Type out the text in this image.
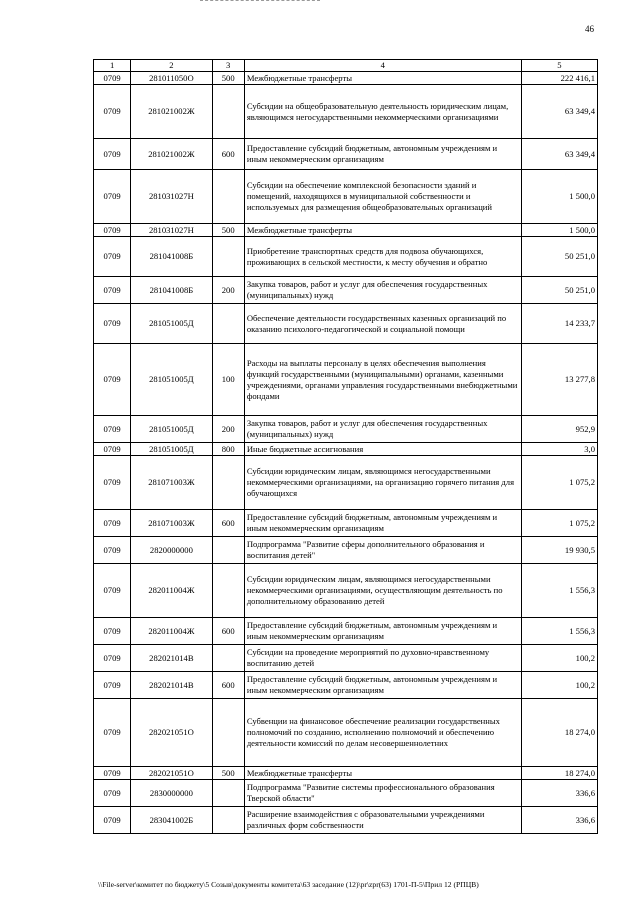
46
1	2	3	4	5
0709	281011050О	500	Межбюджетные трансферты	222 416,1
0709	281021002Ж		Субсидии на общеобразовательную деятельность юридическим лицам, являющимся негосударственными некоммерческими организациями	63 349,4
0709	281021002Ж	600	Предоставление субсидий бюджетным, автономным учреждениям и иным некоммерческим организациям	63 349,4
0709	281031027Н		Субсидии на обеспечение комплексной безопасности зданий и помещений, находящихся в муниципальной собственности и используемых для размещения общеобразовательных организаций	1 500,0
0709	281031027Н	500	Межбюджетные трансферты	1 500,0
0709	281041008Б		Приобретение транспортных средств для подвоза обучающихся, проживающих в сельской местности, к месту обучения и обратно	50 251,0
0709	281041008Б	200	Закупка товаров, работ и услуг для обеспечения государственных (муниципальных) нужд	50 251,0
0709	281051005Д		Обеспечение деятельности государственных казенных организаций по оказанию психолого-педагогической и социальной помощи	14 233,7
0709	281051005Д	100	Расходы на выплаты персоналу в целях обеспечения выполнения функций государственными (муниципальными) органами, казенными учреждениями, органами управления государственными внебюджетными фондами	13 277,8
0709	281051005Д	200	Закупка товаров, работ и услуг для обеспечения государственных (муниципальных) нужд	952,9
0709	281051005Д	800	Иные бюджетные ассигнования	3,0
0709	281071003Ж		Субсидии юридическим лицам, являющимся негосударственными некоммерческими организациями, на организацию горячего питания для обучающихся	1 075,2
0709	281071003Ж	600	Предоставление субсидий бюджетным, автономным учреждениям и иным некоммерческим организациям	1 075,2
0709	2820000000		Подпрограмма "Развитие сферы дополнительного образования и воспитания детей"	19 930,5
0709	282011004Ж		Субсидии юридическим лицам, являющимся негосударственными некоммерческими организациями, осуществляющим деятельность по дополнительному образованию детей	1 556,3
0709	282011004Ж	600	Предоставление субсидий бюджетным, автономным учреждениям и иным некоммерческим организациям	1 556,3
0709	282021014В		Субсидии на проведение мероприятий по духовно-нравственному воспитанию детей	100,2
0709	282021014В	600	Предоставление субсидий бюджетным, автономным учреждениям и иным некоммерческим организациям	100,2
0709	282021051О		Субвенции на финансовое обеспечение реализации государственных полномочий по созданию, исполнению полномочий и обеспечению деятельности комиссий по делам несовершеннолетних	18 274,0
0709	282021051О	500	Межбюджетные трансферты	18 274,0
0709	2830000000		Подпрограмма "Развитие системы профессионального образования Тверской области"	336,6
0709	283041002Б		Расширение взаимодействия с образовательными учреждениями различных форм собственности	336,6
\\File-server\комитет по бюджету\5 Созыв\документы комитета\63 заседание (12)\pr\zpr(63) 1701-П-5\Прил 12 (РПЦВ)
